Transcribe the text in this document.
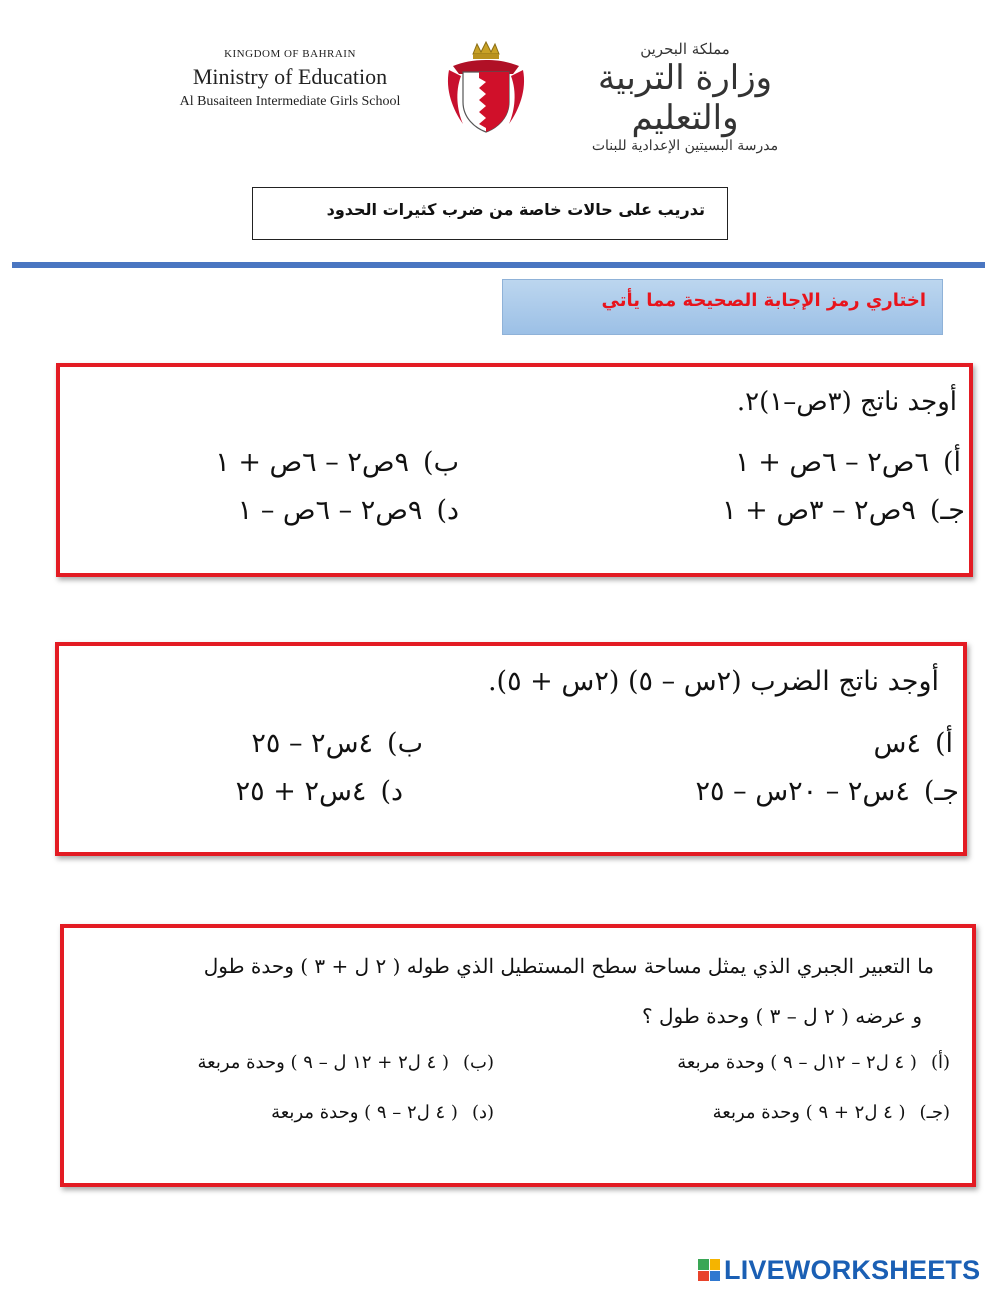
KINGDOM OF BAHRAIN
Ministry of Education
Al Busaiteen Intermediate Girls School
مملكة البحرين
وزارة التربية والتعليم
مدرسة البسيتين الإعدادية للبنات
تدريب على حالات خاصة من ضرب كثيرات الحدود
اختاري رمز الإجابة الصحيحة مما يأتي
أوجد ناتج (٣ص–١)٢.
أ)٦ص٢ – ٦ص + ١
ب)٩ص٢ – ٦ص + ١
جـ)٩ص٢ – ٣ص + ١
د)٩ص٢ – ٦ص – ١
أوجد ناتج الضرب (٢س – ٥) (٢س + ٥).
أ)٤س
ب)٤س٢ – ٢٥
جـ)٤س٢ – ٢٠س – ٢٥
د)٤س٢ + ٢٥
ما التعبير الجبري الذي يمثل مساحة سطح المستطيل الذي طوله ( ٢ ل + ٣ ) وحدة طول
و عرضه ( ٢ ل – ٣ ) وحدة طول ؟
(أ)( ٤ ل٢ – ١٢ل – ٩ ) وحدة مربعة
(ب)( ٤ ل٢ + ١٢ ل – ٩ ) وحدة مربعة
(جـ)( ٤ ل٢ + ٩ ) وحدة مربعة
(د)( ٤ ل٢ – ٩ ) وحدة مربعة
LIVEWORKSHEETS
